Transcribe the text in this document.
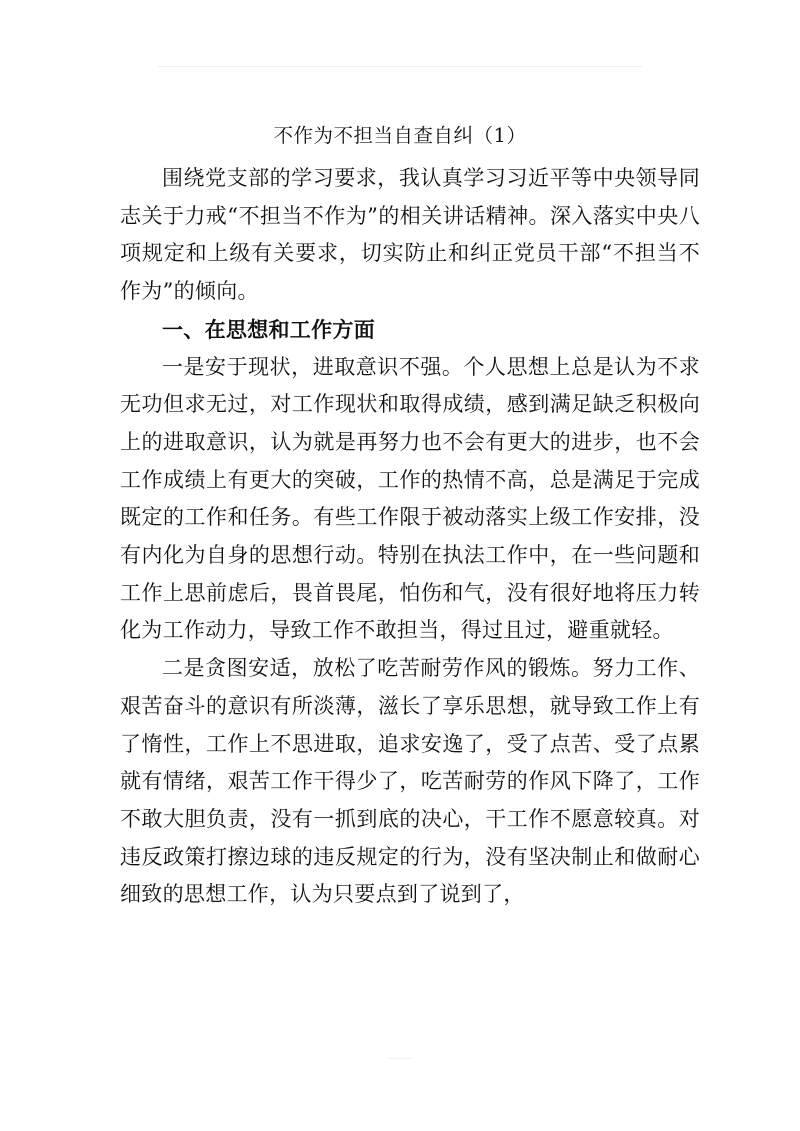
不作为不担当自查自纠（1）

围绕党支部的学习要求，我认真学习习近平等中央领导同志关于力戒“不担当不作为”的相关讲话精神。深入落实中央八项规定和上级有关要求，切实防止和纠正党员干部“不担当不作为”的倾向。

一、在思想和工作方面

一是安于现状，进取意识不强。个人思想上总是认为不求无功但求无过，对工作现状和取得成绩，感到满足缺乏积极向上的进取意识，认为就是再努力也不会有更大的进步，也不会工作成绩上有更大的突破，工作的热情不高，总是满足于完成既定的工作和任务。有些工作限于被动落实上级工作安排，没有内化为自身的思想行动。特别在执法工作中，在一些问题和工作上思前虑后，畏首畏尾，怕伤和气，没有很好地将压力转化为工作动力，导致工作不敢担当，得过且过，避重就轻。

二是贪图安适，放松了吃苦耐劳作风的锻炼。努力工作、艰苦奋斗的意识有所淡薄，滋长了享乐思想，就导致工作上有了惰性，工作上不思进取，追求安逸了，受了点苦、受了点累就有情绪，艰苦工作干得少了，吃苦耐劳的作风下降了，工作不敢大胆负责，没有一抓到底的决心，干工作不愿意较真。对违反政策打擦边球的违反规定的行为，没有坚决制止和做耐心细致的思想工作，认为只要点到了说到了，
